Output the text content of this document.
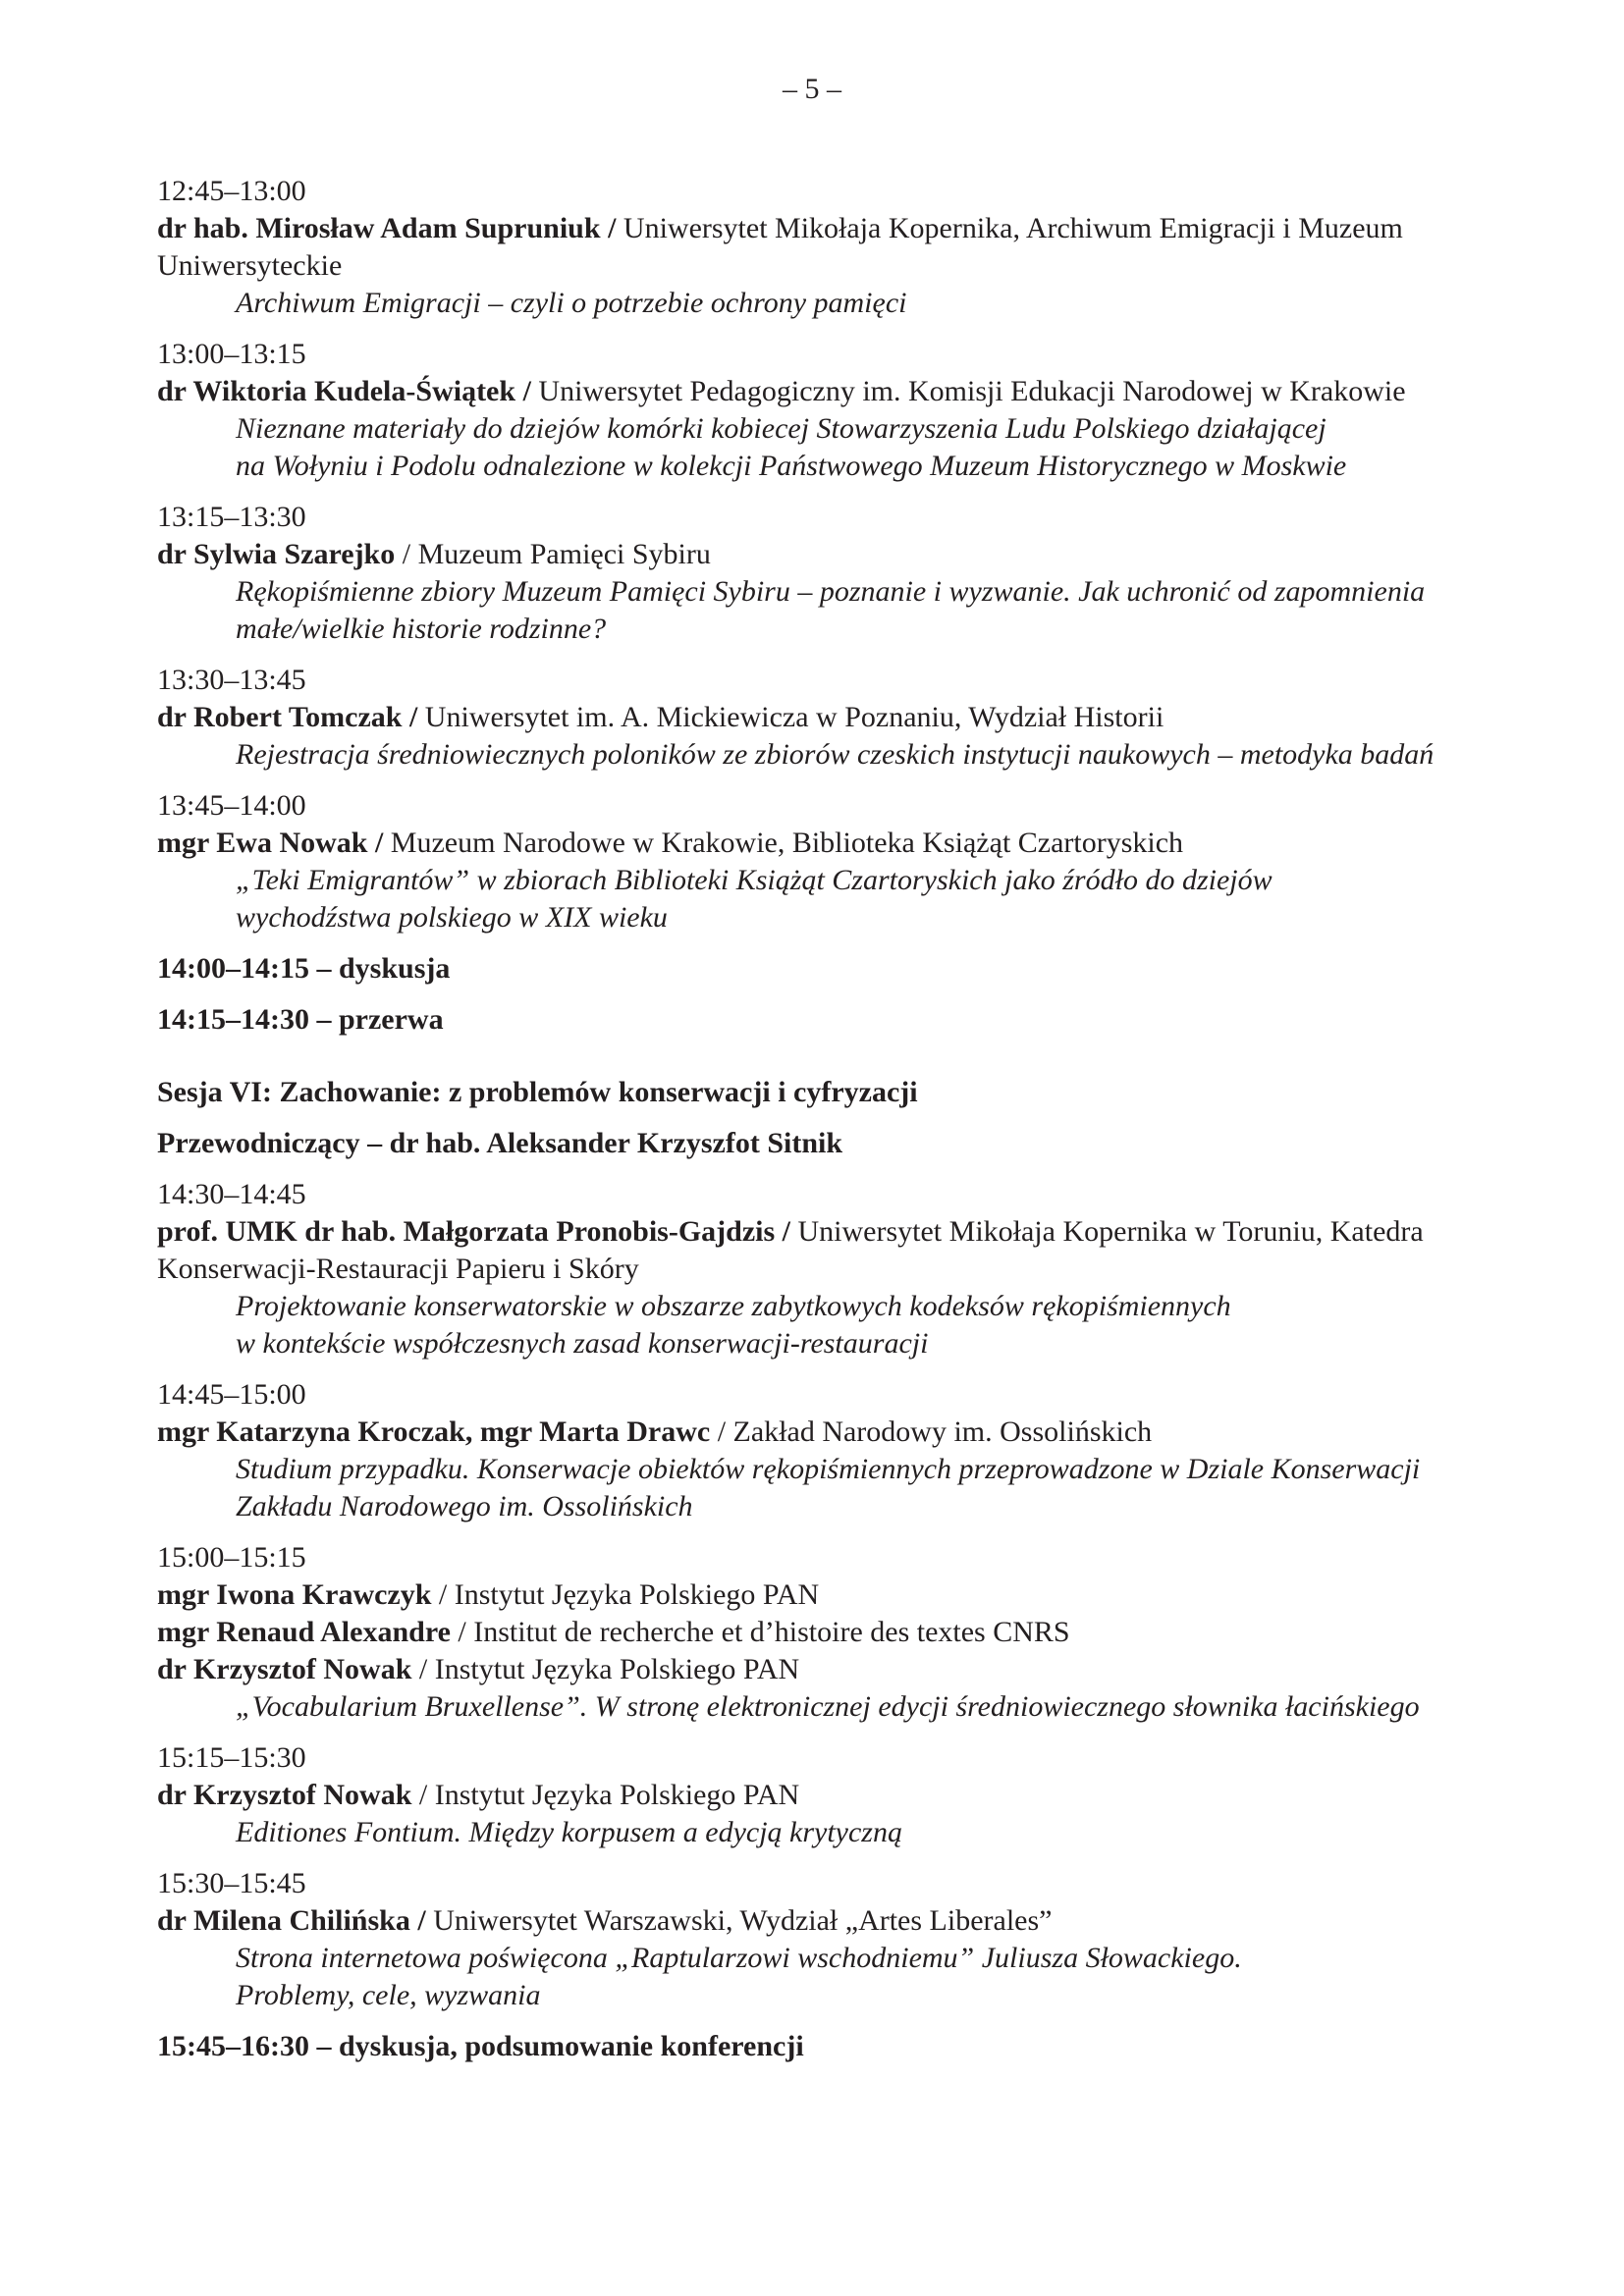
– 5 –
12:45–13:00
dr hab. Mirosław Adam Supruniuk / Uniwersytet Mikołaja Kopernika, Archiwum Emigracji i Muzeum Uniwersyteckie
Archiwum Emigracji – czyli o potrzebie ochrony pamięci
13:00–13:15
dr Wiktoria Kudela-Świątek / Uniwersytet Pedagogiczny im. Komisji Edukacji Narodowej w Krakowie
Nieznane materiały do dziejów komórki kobiecej Stowarzyszenia Ludu Polskiego działającej
na Wołyniu i Podolu odnalezione w kolekcji Państwowego Muzeum Historycznego w Moskwie
13:15–13:30
dr Sylwia Szarejko / Muzeum Pamięci Sybiru
Rękopiśmienne zbiory Muzeum Pamięci Sybiru – poznanie i wyzwanie. Jak uchronić od zapomnienia
małe/wielkie historie rodzinne?
13:30–13:45
dr Robert Tomczak / Uniwersytet im. A. Mickiewicza w Poznaniu, Wydział Historii
Rejestracja średniowiecznych poloników ze zbiorów czeskich instytucji naukowych – metodyka badań
13:45–14:00
mgr Ewa Nowak / Muzeum Narodowe w Krakowie, Biblioteka Książąt Czartoryskich
„Teki Emigrantów” w zbiorach Biblioteki Książąt Czartoryskich jako źródło do dziejów
wychodźstwa polskiego w XIX wieku
14:00–14:15 – dyskusja
14:15–14:30 – przerwa
Sesja VI: Zachowanie: z problemów konserwacji i cyfryzacji
Przewodniczący – dr hab. Aleksander Krzyszfot Sitnik
14:30–14:45
prof. UMK dr hab. Małgorzata Pronobis-Gajdzis / Uniwersytet Mikołaja Kopernika w Toruniu, Katedra Konserwacji-Restauracji Papieru i Skóry
Projektowanie konserwatorskie w obszarze zabytkowych kodeksów rękopiśmiennych
w kontekście współczesnych zasad konserwacji-restauracji
14:45–15:00
mgr Katarzyna Kroczak, mgr Marta Drawc / Zakład Narodowy im. Ossolińskich
Studium przypadku. Konserwacje obiektów rękopiśmiennych przeprowadzone w Dziale Konserwacji
Zakładu Narodowego im. Ossolińskich
15:00–15:15
mgr Iwona Krawczyk / Instytut Języka Polskiego PAN
mgr Renaud Alexandre / Institut de recherche et d’histoire des textes CNRS
dr Krzysztof Nowak / Instytut Języka Polskiego PAN
„Vocabularium Bruxellense”. W stronę elektronicznej edycji średniowiecznego słownika łacińskiego
15:15–15:30
dr Krzysztof Nowak / Instytut Języka Polskiego PAN
Editiones Fontium. Między korpusem a edycją krytyczną
15:30–15:45
dr Milena Chilińska / Uniwersytet Warszawski, Wydział „Artes Liberales”
Strona internetowa poświęcona „Raptularzowi wschodniemu” Juliusza Słowackiego.
Problemy, cele, wyzwania
15:45–16:30 – dyskusja, podsumowanie konferencji
